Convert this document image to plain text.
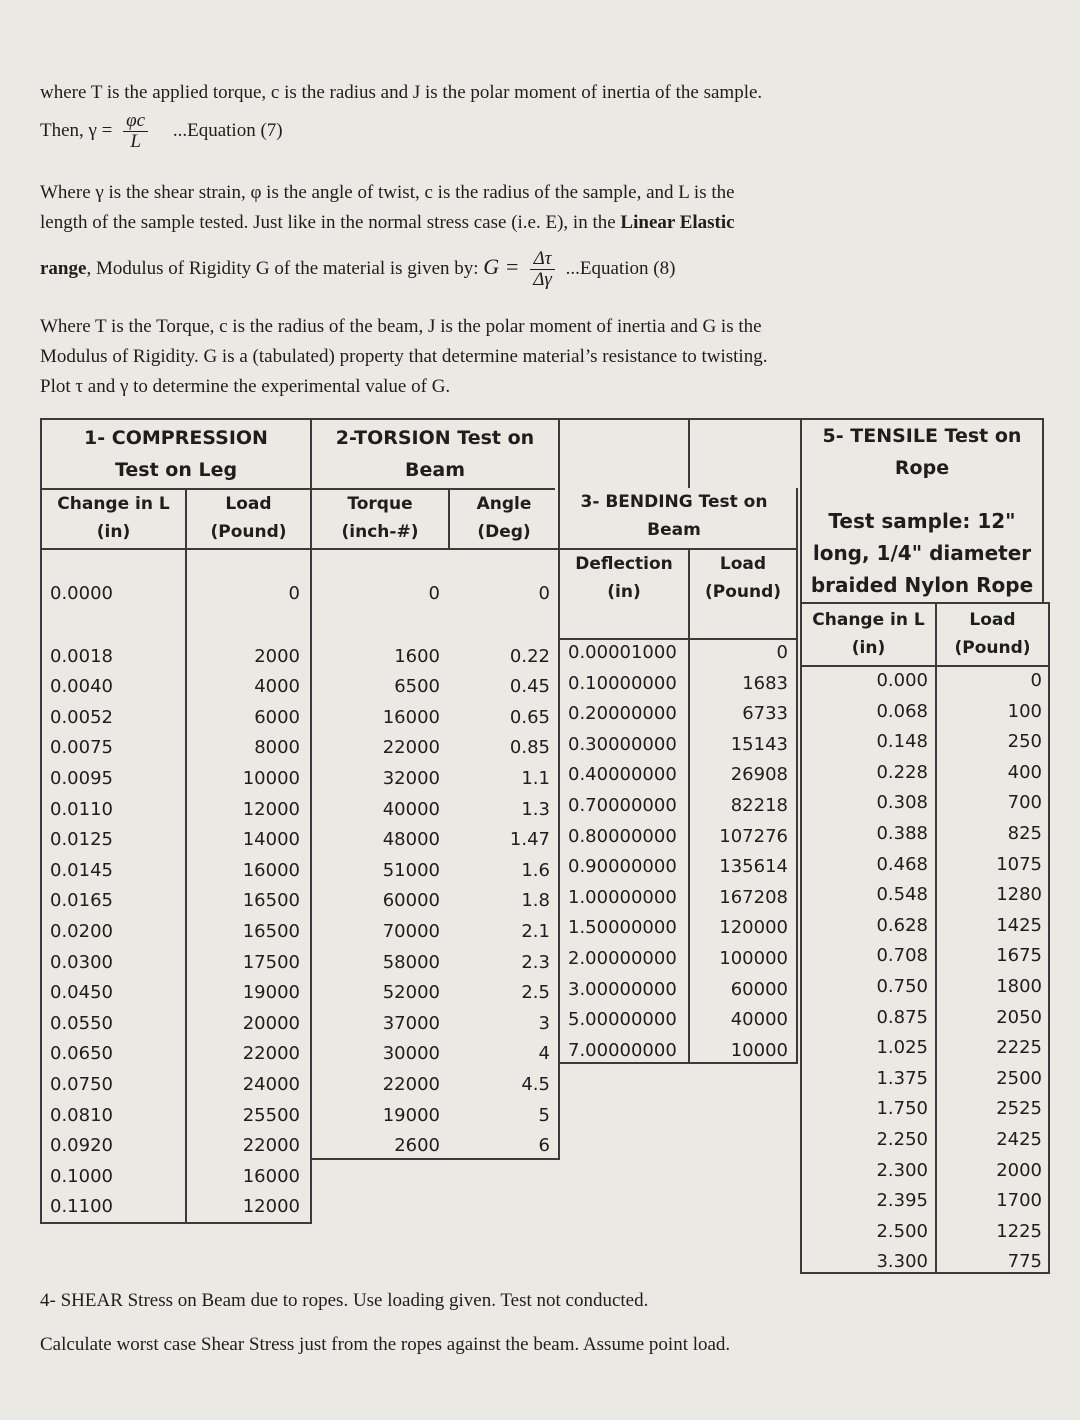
where T is the applied torque, c is the radius and J is the polar moment of inertia of the sample.
Then, $\gamma = \frac{\varphi c}{L}$ ...Equation (7)
Where γ is the shear strain, φ is the angle of twist, c is the radius of the sample, and L is the
length of the sample tested. Just like in the normal stress case (i.e. E), in the Linear Elastic
range, Modulus of Rigidity G of the material is given by: $G = \frac{\Delta\tau}{\Delta\gamma}$ ...Equation (8)
Where T is the Torque, c is the radius of the beam, J is the polar moment of inertia and G is the
Modulus of Rigidity. G is a (tabulated) property that determine material’s resistance to twisting.
Plot τ and γ to determine the experimental value of G.
1- COMPRESSION
Test on Leg
2-TORSION Test on
Beam
5- TENSILE Test on
Rope
Test sample: 12"
long, 1/4" diameter
braided Nylon Rope
3- BENDING Test on
Beam
Change in L
(in)
Load
(Pound)
Torque
(inch-#)
Angle
(Deg)
Deflection
(in)
Load
(Pound)
Change in L
(in)
Load
(Pound)
0.0000
0.0018
0.0040
0.0052
0.0075
0.0095
0.0110
0.0125
0.0145
0.0165
0.0200
0.0300
0.0450
0.0550
0.0650
0.0750
0.0810
0.0920
0.1000
0.1100
0
2000
4000
6000
8000
10000
12000
14000
16000
16500
16500
17500
19000
20000
22000
24000
25500
22000
16000
12000
0
1600
6500
16000
22000
32000
40000
48000
51000
60000
70000
58000
52000
37000
30000
22000
19000
2600
0
0.22
0.45
0.65
0.85
1.1
1.3
1.47
1.6
1.8
2.1
2.3
2.5
3
4
4.5
5
6
0.00001000
0.10000000
0.20000000
0.30000000
0.40000000
0.70000000
0.80000000
0.90000000
1.00000000
1.50000000
2.00000000
3.00000000
5.00000000
7.00000000
0
1683
6733
15143
26908
82218
107276
135614
167208
120000
100000
60000
40000
10000
0.000
0.068
0.148
0.228
0.308
0.388
0.468
0.548
0.628
0.708
0.750
0.875
1.025
1.375
1.750
2.250
2.300
2.395
2.500
3.300
0
100
250
400
700
825
1075
1280
1425
1675
1800
2050
2225
2500
2525
2425
2000
1700
1225
775
4- SHEAR Stress on Beam due to ropes. Use loading given. Test not conducted.
Calculate worst case Shear Stress just from the ropes against the beam. Assume point load.
